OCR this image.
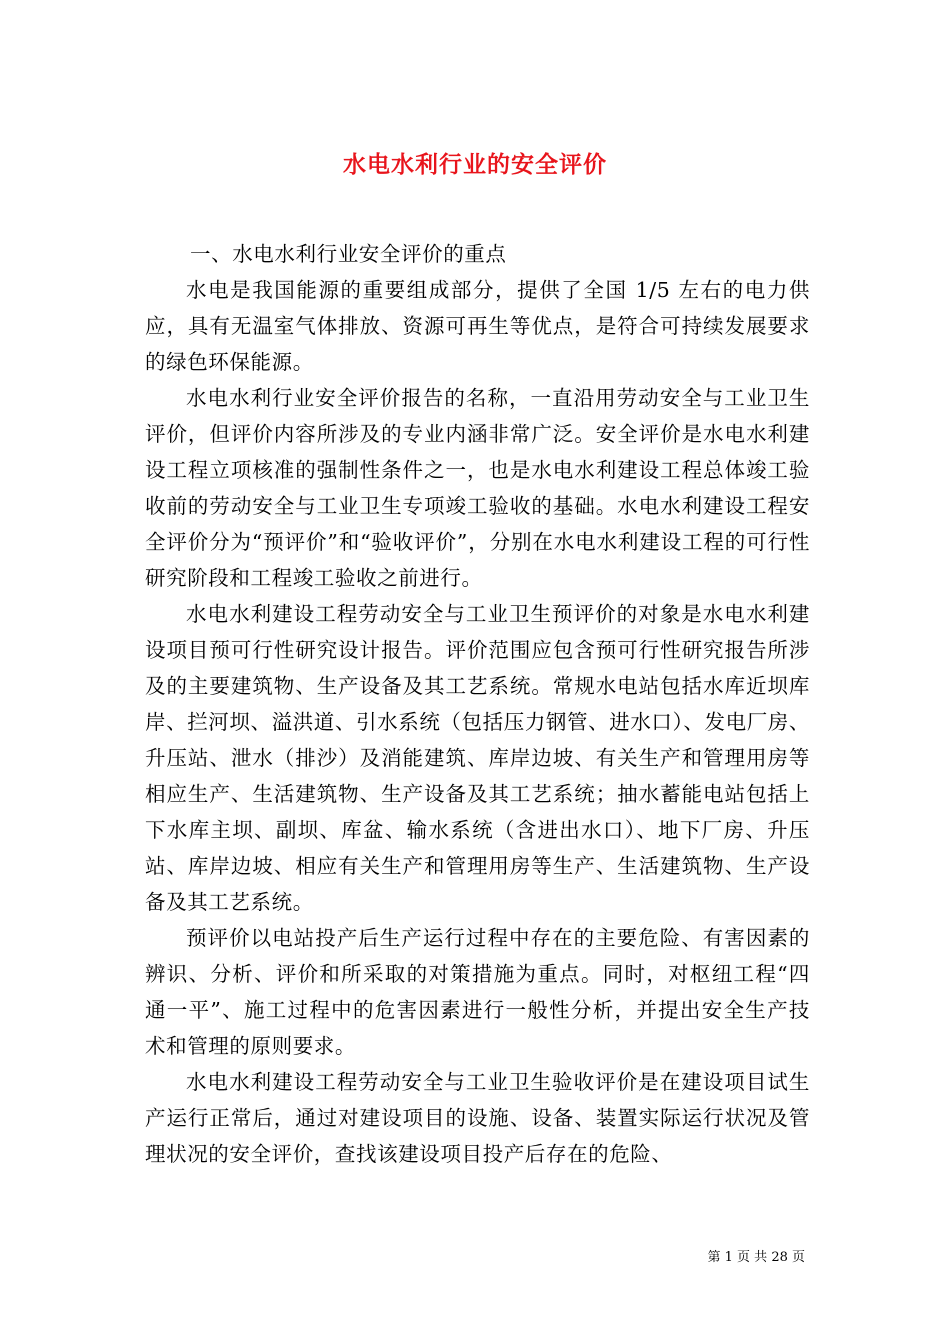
水电水利行业的安全评价

一、水电水利行业安全评价的重点

水电是我国能源的重要组成部分，提供了全国 1/5 左右的电力供应，具有无温室气体排放、资源可再生等优点，是符合可持续发展要求的绿色环保能源。

水电水利行业安全评价报告的名称，一直沿用劳动安全与工业卫生评价，但评价内容所涉及的专业内涵非常广泛。安全评价是水电水利建设工程立项核准的强制性条件之一，也是水电水利建设工程总体竣工验收前的劳动安全与工业卫生专项竣工验收的基础。水电水利建设工程安全评价分为“预评价”和“验收评价”，分别在水电水利建设工程的可行性研究阶段和工程竣工验收之前进行。

水电水利建设工程劳动安全与工业卫生预评价的对象是水电水利建设项目预可行性研究设计报告。评价范围应包含预可行性研究报告所涉及的主要建筑物、生产设备及其工艺系统。常规水电站包括水库近坝库岸、拦河坝、溢洪道、引水系统（包括压力钢管、进水口）、发电厂房、升压站、泄水（排沙）及消能建筑、库岸边坡、有关生产和管理用房等相应生产、生活建筑物、生产设备及其工艺系统；抽水蓄能电站包括上下水库主坝、副坝、库盆、输水系统（含进出水口）、地下厂房、升压站、库岸边坡、相应有关生产和管理用房等生产、生活建筑物、生产设备及其工艺系统。

预评价以电站投产后生产运行过程中存在的主要危险、有害因素的辨识、分析、评价和所采取的对策措施为重点。同时，对枢纽工程“四通一平”、施工过程中的危害因素进行一般性分析，并提出安全生产技术和管理的原则要求。

水电水利建设工程劳动安全与工业卫生验收评价是在建设项目试生产运行正常后，通过对建设项目的设施、设备、装置实际运行状况及管理状况的安全评价，查找该建设项目投产后存在的危险、

第 1 页 共 28 页
